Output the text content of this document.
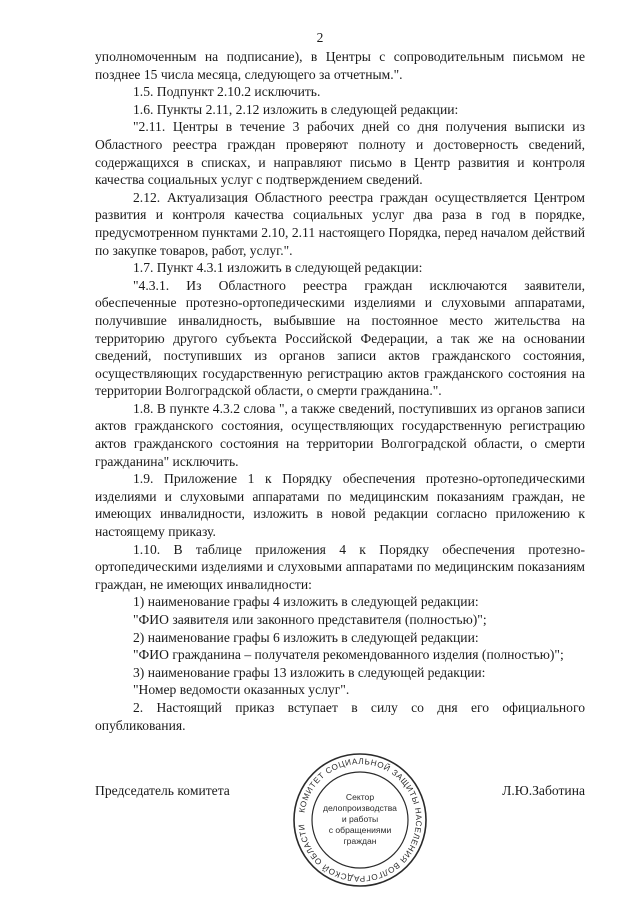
2

уполномоченным на подписание), в Центры с сопроводительным письмом не позднее 15 числа месяца, следующего за отчетным.".

1.5. Подпункт 2.10.2 исключить.

1.6. Пункты 2.11, 2.12 изложить в следующей редакции:

"2.11. Центры в течение 3 рабочих дней со дня получения выписки из Областного реестра граждан проверяют полноту и достоверность сведений, содержащихся в списках, и направляют письмо в Центр развития и контроля качества социальных услуг с подтверждением сведений.

2.12. Актуализация Областного реестра граждан осуществляется Центром развития и контроля качества социальных услуг два раза в год в порядке, предусмотренном пунктами 2.10, 2.11 настоящего Порядка, перед началом действий по закупке товаров, работ, услуг.".

1.7. Пункт 4.3.1 изложить в следующей редакции:

"4.3.1. Из Областного реестра граждан исключаются заявители, обеспеченные протезно-ортопедическими изделиями и слуховыми аппаратами, получившие инвалидность, выбывшие на постоянное место жительства на территорию другого субъекта Российской Федерации, а так же на основании сведений, поступивших из органов записи актов гражданского состояния, осуществляющих государственную регистрацию актов гражданского состояния на территории Волгоградской области, о смерти гражданина.".

1.8. В пункте 4.3.2 слова ", а также сведений, поступивших из органов записи актов гражданского состояния, осуществляющих государственную регистрацию актов гражданского состояния на территории Волгоградской области, о смерти гражданина" исключить.

1.9. Приложение 1 к Порядку обеспечения протезно-ортопедическими изделиями и слуховыми аппаратами по медицинским показаниям граждан, не имеющих инвалидности, изложить в новой редакции согласно приложению к настоящему приказу.

1.10. В таблице приложения 4 к Порядку обеспечения протезно-ортопедическими изделиями и слуховыми аппаратами по медицинским показаниям граждан, не имеющих инвалидности:

1) наименование графы 4 изложить в следующей редакции:

"ФИО заявителя или законного представителя (полностью)";

2) наименование графы 6 изложить в следующей редакции:

"ФИО гражданина – получателя рекомендованного изделия (полностью)";

3) наименование графы 13 изложить в следующей редакции:

"Номер ведомости оказанных услуг".

2. Настоящий приказ вступает в силу со дня его официального опубликования.

Председатель комитета	Л.Ю.Заботина
КОМИТЕТ СОЦИАЛЬНОЙ ЗАЩИТЫ НАСЕЛЕНИЯ ВОЛГОГРАДСКОЙ ОБЛАСТИ
Сектор
делопроизводства
и работы
с обращениями
граждан
